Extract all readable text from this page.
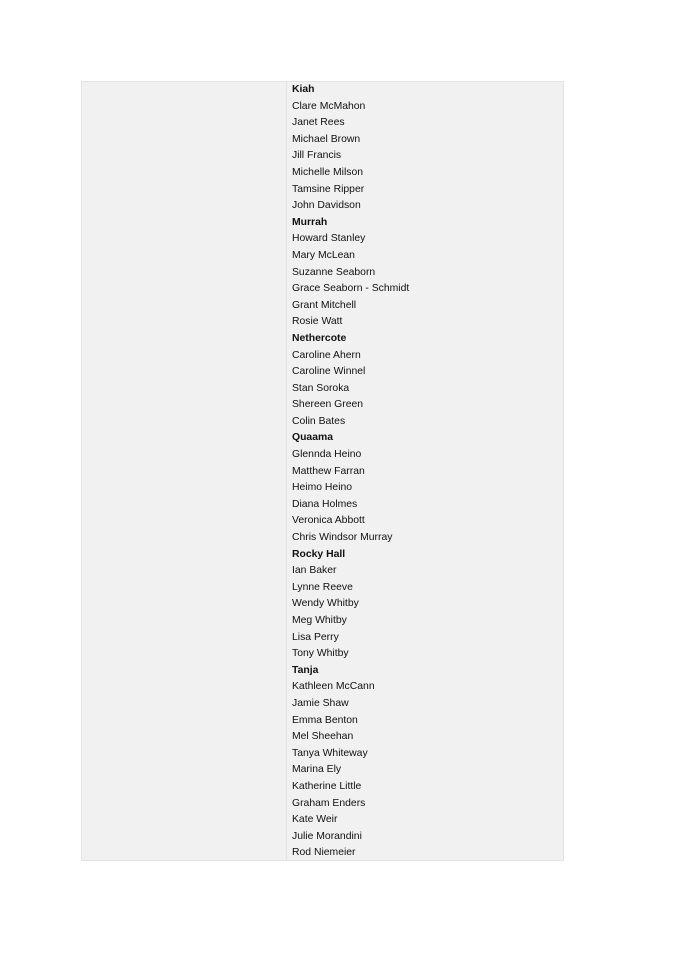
Kiah
Clare McMahon
Janet Rees
Michael Brown
Jill Francis
Michelle Milson
Tamsine Ripper
John Davidson
Murrah
Howard Stanley
Mary McLean
Suzanne Seaborn
Grace Seaborn - Schmidt
Grant Mitchell
Rosie Watt
Nethercote
Caroline Ahern
Caroline Winnel
Stan Soroka
Shereen Green
Colin Bates
Quaama
Glennda Heino
Matthew Farran
Heimo Heino
Diana Holmes
Veronica Abbott
Chris Windsor Murray
Rocky Hall
Ian Baker
Lynne Reeve
Wendy Whitby
Meg Whitby
Lisa Perry
Tony Whitby
Tanja
Kathleen McCann
Jamie Shaw
Emma Benton
Mel Sheehan
Tanya Whiteway
Marina Ely
Katherine Little
Graham Enders
Kate Weir
Julie Morandini
Rod Niemeier
